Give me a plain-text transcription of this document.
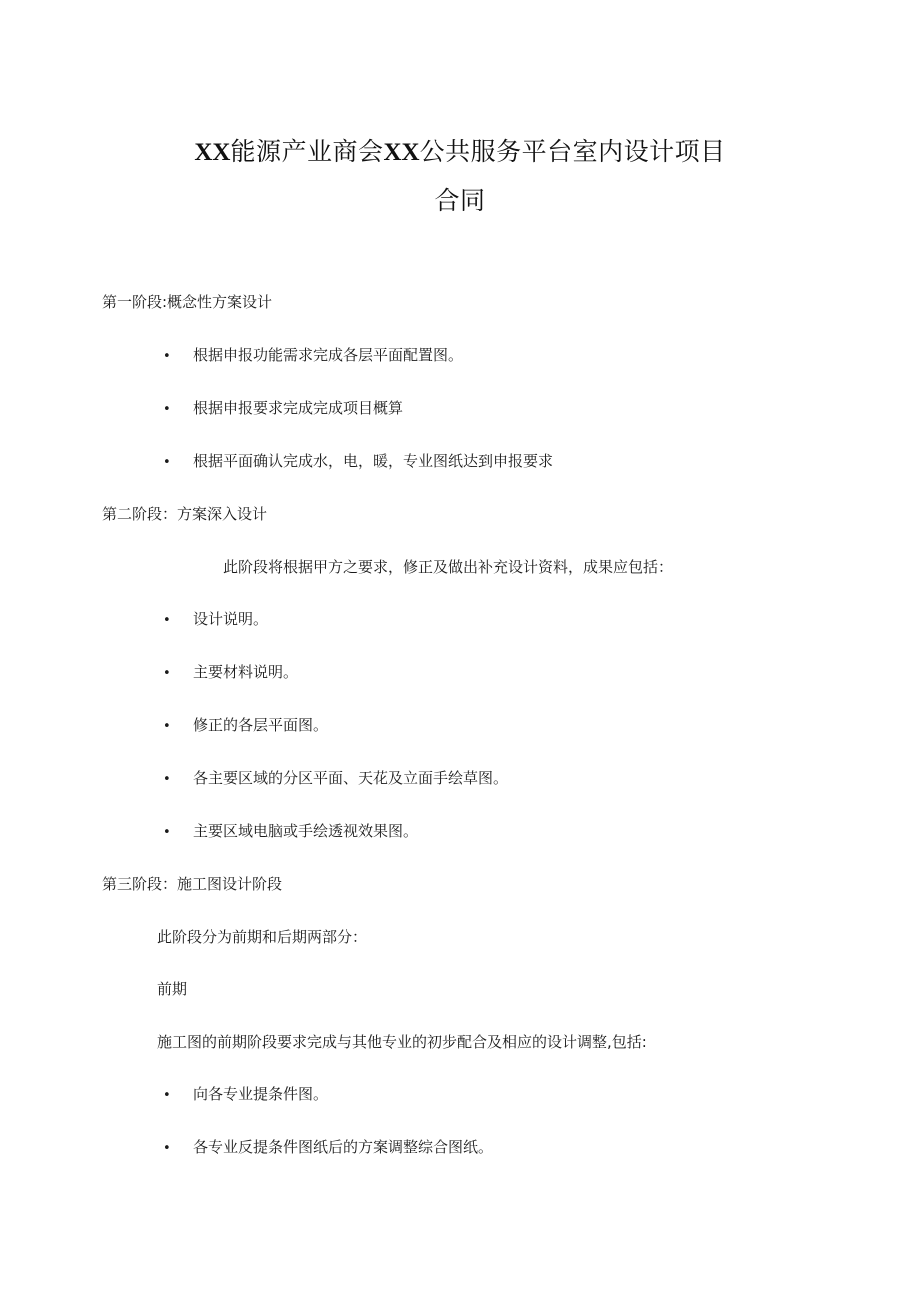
XX能源产业商会XX公共服务平台室内设计项目
合同
第一阶段:概念性方案设计
• 根据申报功能需求完成各层平面配置图。
• 根据申报要求完成完成项目概算
• 根据平面确认完成水，电，暖，专业图纸达到申报要求
第二阶段：方案深入设计
此阶段将根据甲方之要求，修正及做出补充设计资料，成果应包括：
• 设计说明。
• 主要材料说明。
• 修正的各层平面图。
• 各主要区域的分区平面、天花及立面手绘草图。
• 主要区域电脑或手绘透视效果图。
第三阶段：施工图设计阶段
此阶段分为前期和后期两部分：
前期
施工图的前期阶段要求完成与其他专业的初步配合及相应的设计调整,包括:
• 向各专业提条件图。
• 各专业反提条件图纸后的方案调整综合图纸。
